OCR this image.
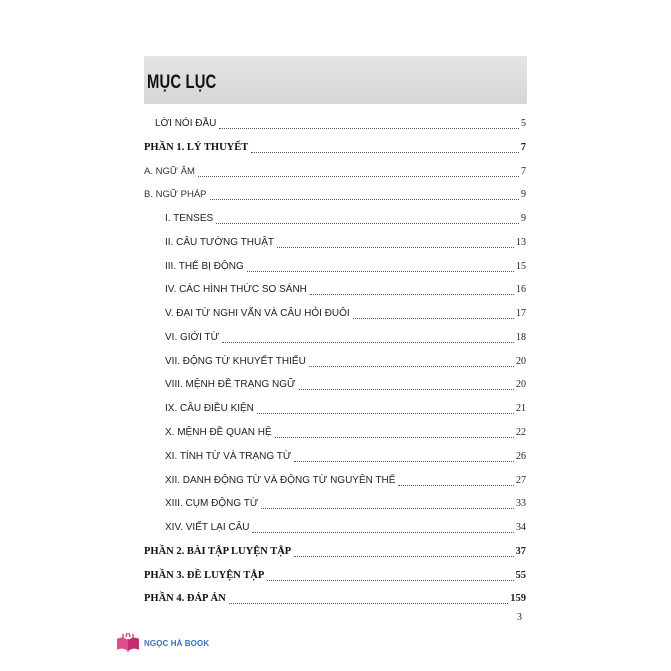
MỤC LỤC
LỜI NÓI ĐẦU	5
PHẦN 1. LÝ THUYẾT	7
A. NGỮ ÂM	7
B. NGỮ PHÁP	9
I. TENSES	9
II. CÂU TƯỜNG THUẬT	13
III. THỂ BỊ ĐỘNG	15
IV. CÁC HÌNH THỨC SO SÁNH	16
V. ĐẠI TỪ NGHI VẤN VÀ CÂU HỎI ĐUÔI	17
VI. GIỚI TỪ	18
VII. ĐỘNG TỪ KHUYẾT THIẾU	20
VIII. MỆNH ĐỀ TRẠNG NGỮ	20
IX. CÂU ĐIỀU KIỆN	21
X. MỆNH ĐỀ QUAN HỆ	22
XI. TÍNH TỪ VÀ TRẠNG TỪ	26
XII. DANH ĐỘNG TỪ VÀ ĐỘNG TỪ NGUYÊN THỂ	27
XIII. CỤM ĐỘNG TỪ	33
XIV. VIẾT LẠI CÂU	34
PHẦN 2. BÀI TẬP LUYỆN TẬP	37
PHẦN 3. ĐỀ LUYỆN TẬP	55
PHẦN 4. ĐÁP ÁN	159
3
NGỌC HÀ BOOK
